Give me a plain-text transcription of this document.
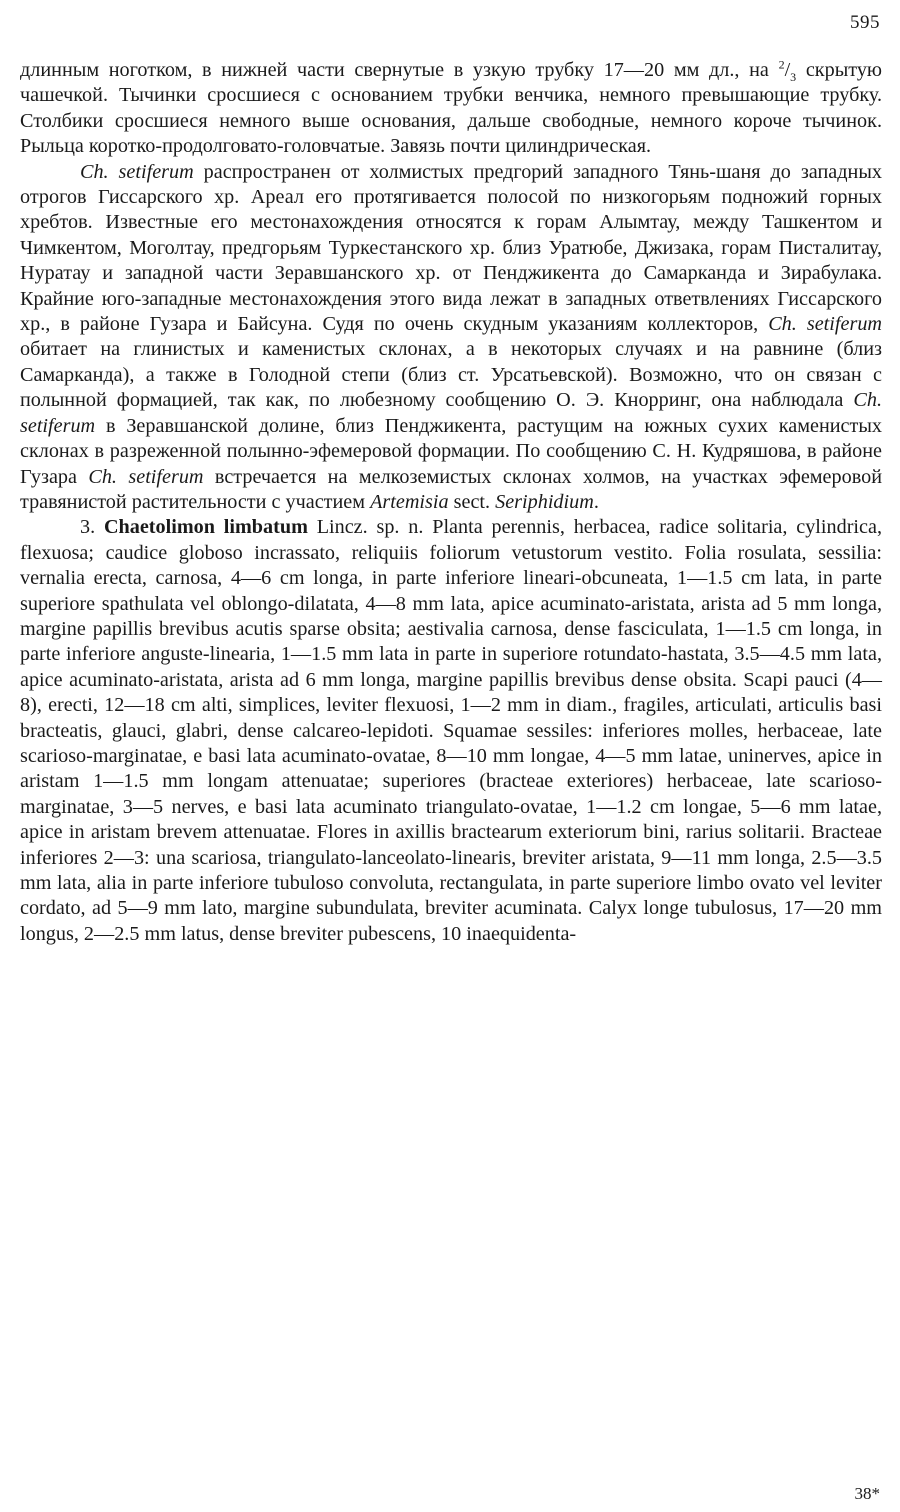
595

длинным ноготком, в нижней части свернутые в узкую трубку 17—20 мм дл., на $^2/_3$ скрытую чашечкой. Тычинки сросшиеся с основанием трубки венчика, немного превышающие трубку. Столбики сросшиеся немного выше основания, дальше свободные, немного короче тычинок. Рыльца коротко-продолговато-головчатые. Завязь почти цилиндрическая.

Ch. setiferum распространен от холмистых предгорий западного Тянь-шаня до западных отрогов Гиссарского хр. Ареал его протягивается полосой по низкогорьям подножий горных хребтов. Известные его местонахождения относятся к горам Алымтау, между Ташкентом и Чимкентом, Моголтау, предгорьям Туркестанского хр. близ Уратюбе, Джизака, горам Писталитау, Нуратау и западной части Зеравшанского хр. от Пенджикента до Самарканда и Зирабулака. Крайние юго-западные местонахождения этого вида лежат в западных ответвлениях Гиссарского хр., в районе Гузара и Байсуна. Судя по очень скудным указаниям коллекторов, Ch. setiferum обитает на глинистых и каменистых склонах, а в некоторых случаях и на равнине (близ Самарканда), а также в Голодной степи (близ ст. Урсатьевской). Возможно, что он связан с полынной формацией, так как, по любезному сообщению О. Э. Кнорринг, она наблюдала Ch. setiferum в Зеравшанской долине, близ Пенджикента, растущим на южных сухих каменистых склонах в разреженной полынно-эфемеровой формации. По сообщению С. Н. Кудряшова, в районе Гузара Ch. setiferum встречается на мелкоземистых склонах холмов, на участках эфемеровой травянистой растительности с участием Artemisia sect. Seriphidium.

3. Chaetolimon limbatum Lincz. sp. n. Planta perennis, herbacea, radice solitaria, cylindrica, flexuosa; caudice globoso incrassato, reliquiis foliorum vetustorum vestito. Folia rosulata, sessilia: vernalia erecta, carnosa, 4—6 cm longa, in parte inferiore lineari-obcuneata, 1—1.5 cm lata, in parte superiore spathulata vel oblongo-dilatata, 4—8 mm lata, apice acuminato-aristata, arista ad 5 mm longa, margine papillis brevibus acutis sparse obsita; aestivalia carnosa, dense fasciculata, 1—1.5 cm longa, in parte inferiore anguste-linearia, 1—1.5 mm lata in parte in superiore rotundato-hastata, 3.5—4.5 mm lata, apice acuminato-aristata, arista ad 6 mm longa, margine papillis brevibus dense obsita. Scapi pauci (4—8), erecti, 12—18 cm alti, simplices, leviter flexuosi, 1—2 mm in diam., fragiles, articulati, articulis basi bracteatis, glauci, glabri, dense calcareo-lepidoti. Squamae sessiles: inferiores molles, herbaceae, late scarioso-marginatae, e basi lata acuminato-ovatae, 8—10 mm longae, 4—5 mm latae, uninerves, apice in aristam 1—1.5 mm longam attenuatae; superiores (bracteae exteriores) herbaceae, late scarioso-marginatae, 3—5 nerves, e basi lata acuminato triangulato-ovatae, 1—1.2 cm longae, 5—6 mm latae, apice in aristam brevem attenuatae. Flores in axillis bractearum exteriorum bini, rarius solitarii. Bracteae inferiores 2—3: una scariosa, triangulato-lanceolato-linearis, breviter aristata, 9—11 mm longa, 2.5—3.5 mm lata, alia in parte inferiore tubuloso convoluta, rectangulata, in parte superiore limbo ovato vel leviter cordato, ad 5—9 mm lato, margine subundulata, breviter acuminata. Calyx longe tubulosus, 17—20 mm longus, 2—2.5 mm latus, dense breviter pubescens, 10 inaequidenta-

38*
